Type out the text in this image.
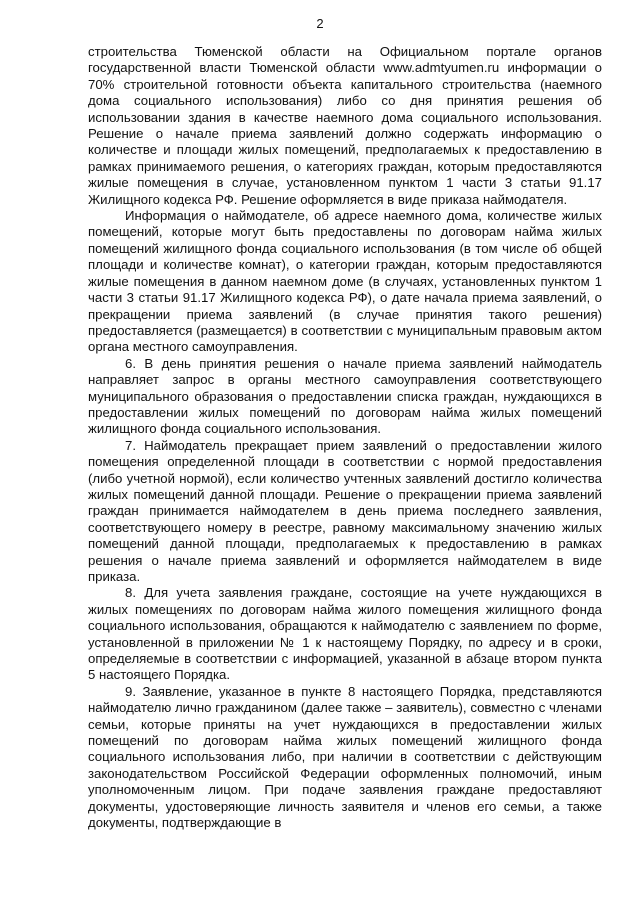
2

строительства Тюменской области на Официальном портале органов государственной власти Тюменской области www.admtyumen.ru информации о 70% строительной готовности объекта капитального строительства (наемного дома социального использования) либо со дня принятия решения об использовании здания в качестве наемного дома социального использования. Решение о начале приема заявлений должно содержать информацию о количестве и площади жилых помещений, предполагаемых к предоставлению в рамках принимаемого решения, о категориях граждан, которым предоставляются жилые помещения в случае, установленном пунктом 1 части 3 статьи 91.17 Жилищного кодекса РФ. Решение оформляется в виде приказа наймодателя.

Информация о наймодателе, об адресе наемного дома, количестве жилых помещений, которые могут быть предоставлены по договорам найма жилых помещений жилищного фонда социального использования (в том числе об общей площади и количестве комнат), о категории граждан, которым предоставляются жилые помещения в данном наемном доме (в случаях, установленных пунктом 1 части 3 статьи 91.17 Жилищного кодекса РФ), о дате начала приема заявлений, о прекращении приема заявлений (в случае принятия такого решения) предоставляется (размещается) в соответствии с муниципальным правовым актом органа местного самоуправления.

6. В день принятия решения о начале приема заявлений наймодатель направляет запрос в органы местного самоуправления соответствующего муниципального образования о предоставлении списка граждан, нуждающихся в предоставлении жилых помещений по договорам найма жилых помещений жилищного фонда социального использования.

7. Наймодатель прекращает прием заявлений о предоставлении жилого помещения определенной площади в соответствии с нормой предоставления (либо учетной нормой), если количество учтенных заявлений достигло количества жилых помещений данной площади. Решение о прекращении приема заявлений граждан принимается наймодателем в день приема последнего заявления, соответствующего номеру в реестре, равному максимальному значению жилых помещений данной площади, предполагаемых к предоставлению в рамках решения о начале приема заявлений и оформляется наймодателем в виде приказа.

8. Для учета заявления граждане, состоящие на учете нуждающихся в жилых помещениях по договорам найма жилого помещения жилищного фонда социального использования, обращаются к наймодателю с заявлением по форме, установленной в приложении № 1 к настоящему Порядку, по адресу и в сроки, определяемые в соответствии с информацией, указанной в абзаце втором пункта 5 настоящего Порядка.

9. Заявление, указанное в пункте 8 настоящего Порядка, представляются наймодателю лично гражданином (далее также – заявитель), совместно с членами семьи, которые приняты на учет нуждающихся в предоставлении жилых помещений по договорам найма жилых помещений жилищного фонда социального использования либо, при наличии в соответствии с действующим законодательством Российской Федерации оформленных полномочий, иным уполномоченным лицом. При подаче заявления граждане предоставляют документы, удостоверяющие личность заявителя и членов его семьи, а также документы, подтверждающие в
